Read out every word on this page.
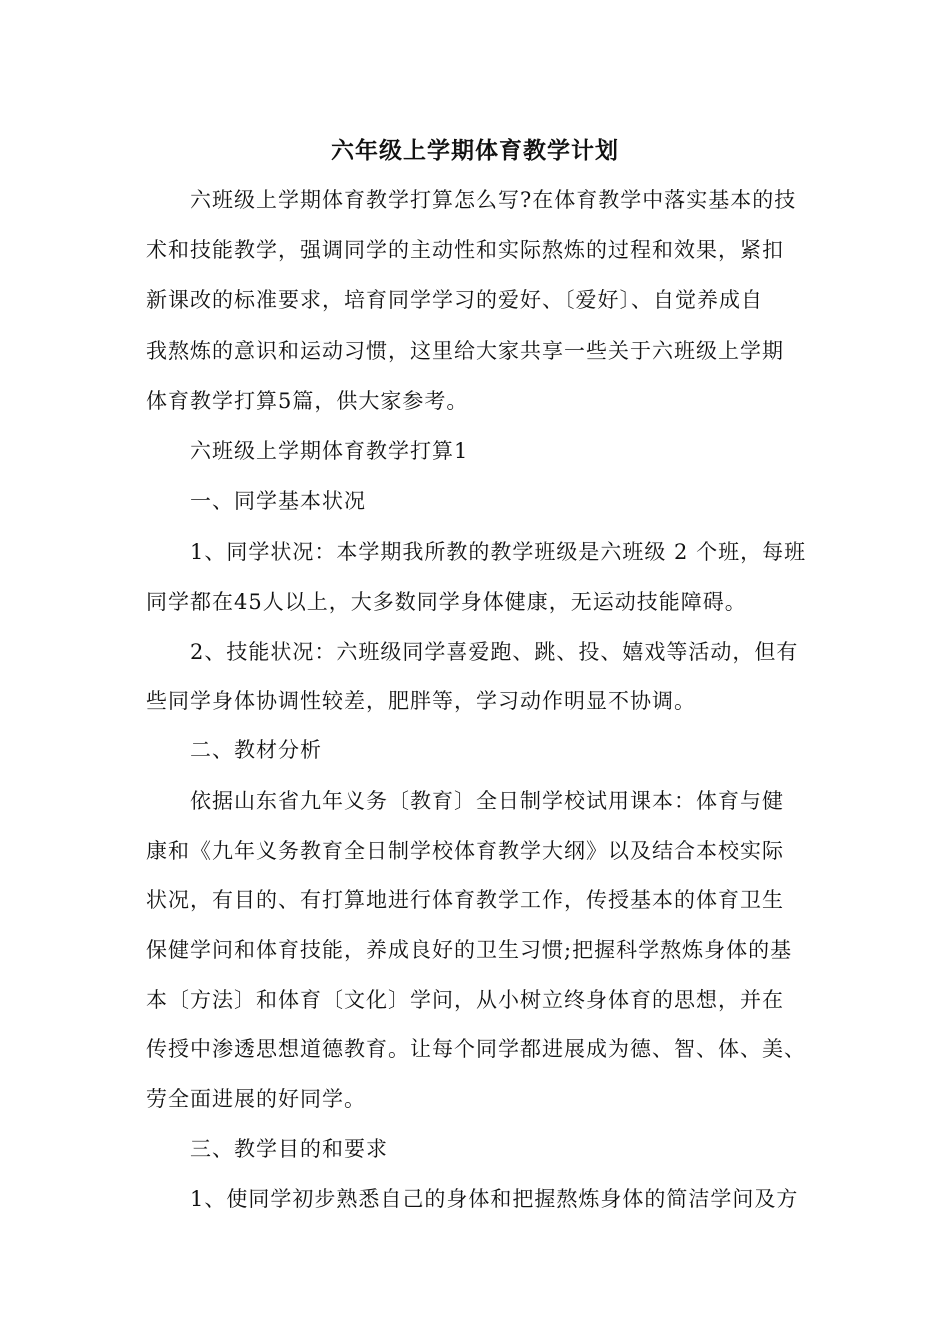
六年级上学期体育教学计划
六班级上学期体育教学打算怎么写?在体育教学中落实基本的技
术和技能教学，强调同学的主动性和实际熬炼的过程和效果，紧扣
新课改的标准要求，培育同学学习的爱好、〔爱好〕、自觉养成自
我熬炼的意识和运动习惯，这里给大家共享一些关于六班级上学期
体育教学打算5篇，供大家参考。
六班级上学期体育教学打算1
一、同学基本状况
1、同学状况：本学期我所教的教学班级是六班级 2 个班，每班
同学都在45人以上，大多数同学身体健康，无运动技能障碍。
2、技能状况：六班级同学喜爱跑、跳、投、嬉戏等活动，但有
些同学身体协调性较差，肥胖等，学习动作明显不协调。
二、教材分析
依据山东省九年义务〔教育〕全日制学校试用课本：体育与健
康和《九年义务教育全日制学校体育教学大纲》以及结合本校实际
状况，有目的、有打算地进行体育教学工作，传授基本的体育卫生
保健学问和体育技能，养成良好的卫生习惯;把握科学熬炼身体的基
本〔方法〕和体育〔文化〕学问，从小树立终身体育的思想，并在
传授中渗透思想道德教育。让每个同学都进展成为德、智、体、美、
劳全面进展的好同学。
三、教学目的和要求
1、使同学初步熟悉自己的身体和把握熬炼身体的简洁学问及方
